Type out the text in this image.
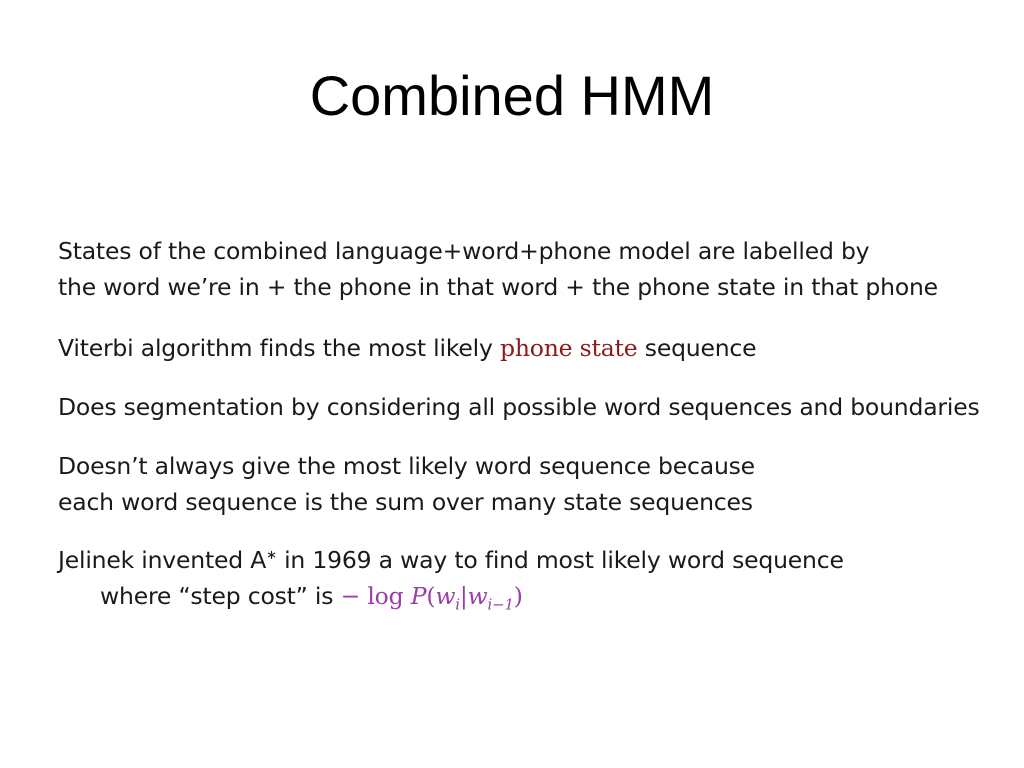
Combined HMM
States of the combined language+word+phone model are labelled by
the word we’re in + the phone in that word + the phone state in that phone
Viterbi algorithm finds the most likely phone state sequence
Does segmentation by considering all possible word sequences and boundaries
Doesn’t always give the most likely word sequence because
each word sequence is the sum over many state sequences
Jelinek invented A∗ in 1969 a way to find most likely word sequence
where “step cost” is − $\log P(w_i|w_{i-1})$
